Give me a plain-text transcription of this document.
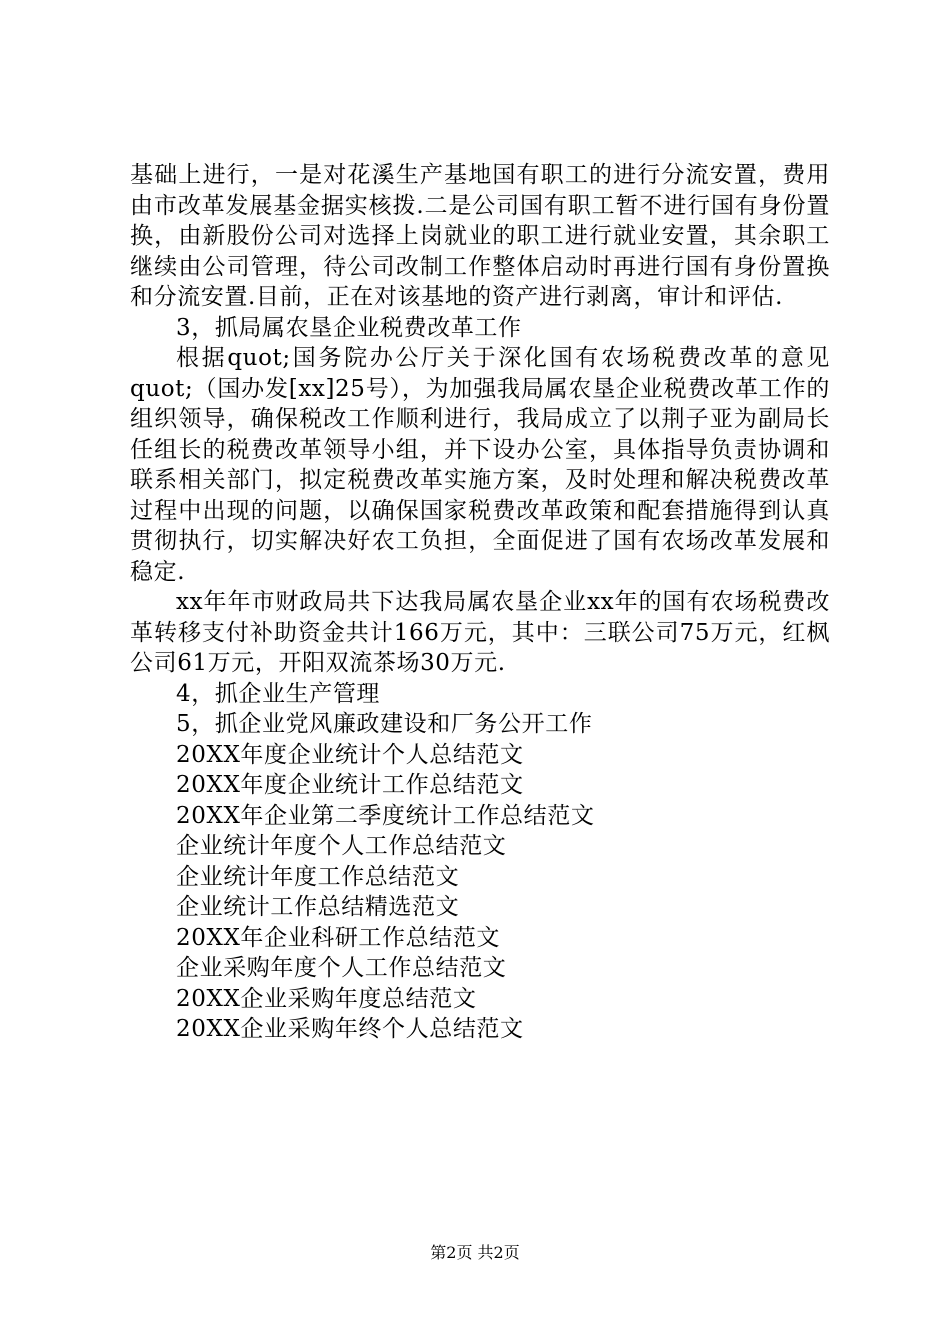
基础上进行，一是对花溪生产基地国有职工的进行分流安置，费用由市改革发展基金据实核拨.二是公司国有职工暂不进行国有身份置换，由新股份公司对选择上岗就业的职工进行就业安置，其余职工继续由公司管理，待公司改制工作整体启动时再进行国有身份置换和分流安置.目前，正在对该基地的资产进行剥离，审计和评估.

3，抓局属农垦企业税费改革工作

根据quot;国务院办公厅关于深化国有农场税费改革的意见quot;（国办发[xx]25号），为加强我局属农垦企业税费改革工作的组织领导，确保税改工作顺利进行，我局成立了以荆子亚为副局长任组长的税费改革领导小组，并下设办公室，具体指导负责协调和联系相关部门，拟定税费改革实施方案，及时处理和解决税费改革过程中出现的问题，以确保国家税费改革政策和配套措施得到认真贯彻执行，切实解决好农工负担，全面促进了国有农场改革发展和稳定.

xx年年市财政局共下达我局属农垦企业xx年的国有农场税费改革转移支付补助资金共计166万元，其中：三联公司75万元，红枫公司61万元，开阳双流茶场30万元.

4，抓企业生产管理

5，抓企业党风廉政建设和厂务公开工作

20XX年度企业统计个人总结范文

20XX年度企业统计工作总结范文

20XX年企业第二季度统计工作总结范文

企业统计年度个人工作总结范文

企业统计年度工作总结范文

企业统计工作总结精选范文

20XX年企业科研工作总结范文

企业采购年度个人工作总结范文

20XX企业采购年度总结范文

20XX企业采购年终个人总结范文

第2页 共2页
